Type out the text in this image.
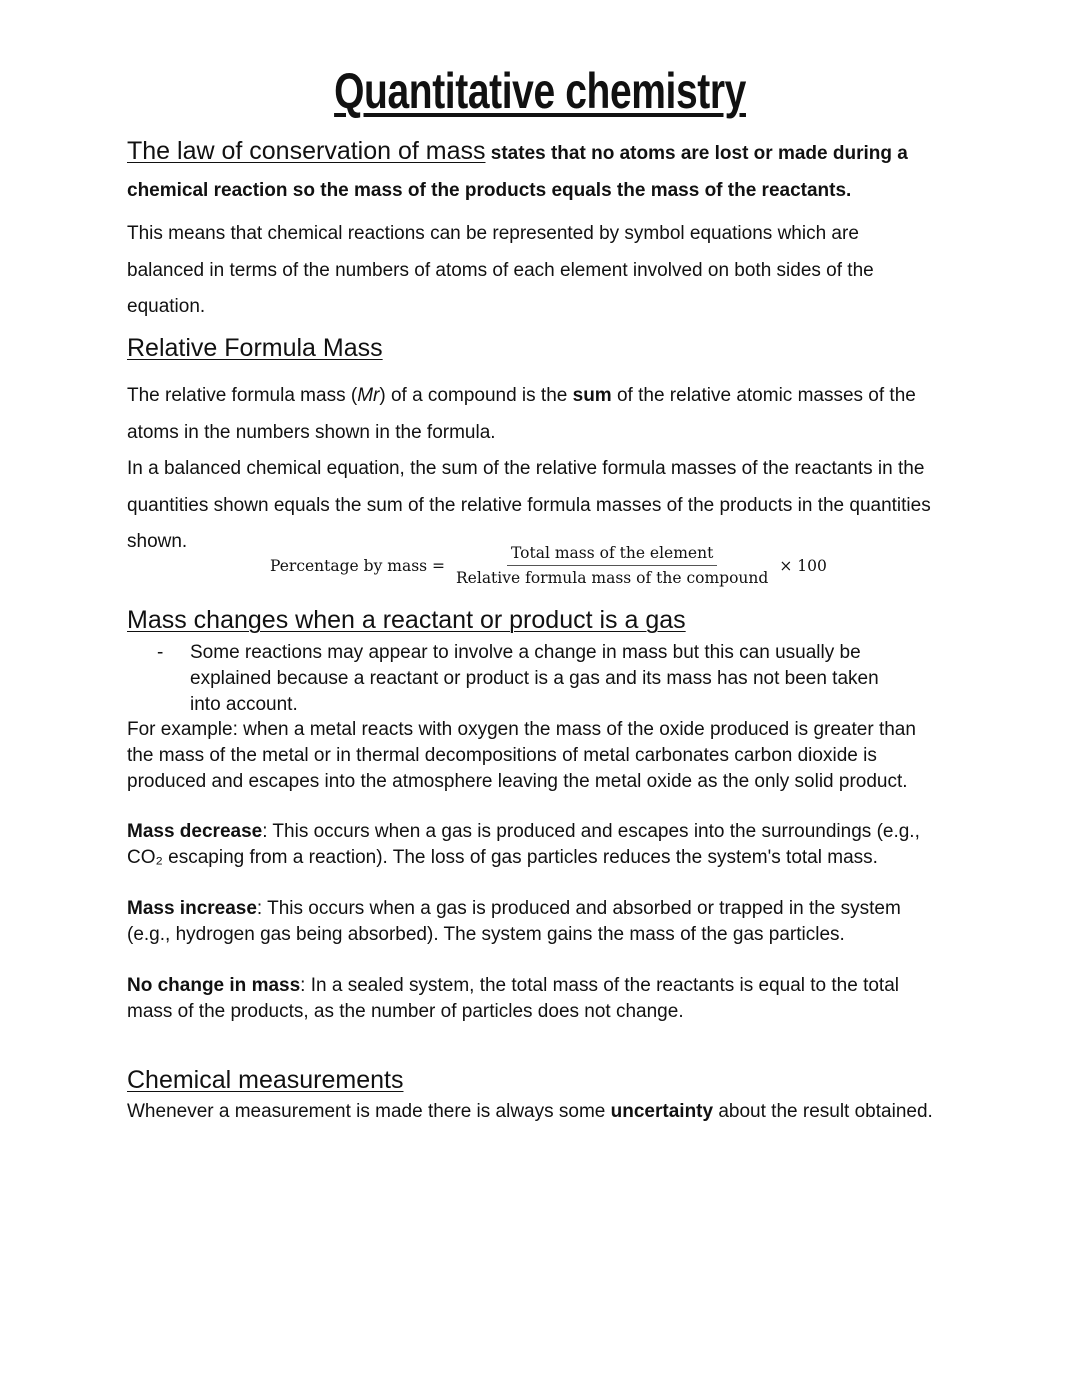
Quantitative chemistry
The law of conservation of mass states that no atoms are lost or made during a
chemical reaction so the mass of the products equals the mass of the reactants.
This means that chemical reactions can be represented by symbol equations which are balanced in terms of the numbers of atoms of each element involved on both sides of the equation.
Relative Formula Mass
The relative formula mass (Mr) of a compound is the sum of the relative atomic masses of the atoms in the numbers shown in the formula.
In a balanced chemical equation, the sum of the relative formula masses of the reactants in the quantities shown equals the sum of the relative formula masses of the products in the quantities shown.
Percentage by mass = $\frac{\text{Total mass of the element}}{\text{Relative formula mass of the compound}} \times 100$
Mass changes when a reactant or product is a gas
- Some reactions may appear to involve a change in mass but this can usually be explained because a reactant or product is a gas and its mass has not been taken into account.
For example: when a metal reacts with oxygen the mass of the oxide produced is greater than the mass of the metal or in thermal decompositions of metal carbonates carbon dioxide is produced and escapes into the atmosphere leaving the metal oxide as the only solid product.
Mass decrease: This occurs when a gas is produced and escapes into the surroundings (e.g., CO₂ escaping from a reaction). The loss of gas particles reduces the system's total mass.
Mass increase: This occurs when a gas is produced and absorbed or trapped in the system (e.g., hydrogen gas being absorbed). The system gains the mass of the gas particles.
No change in mass: In a sealed system, the total mass of the reactants is equal to the total mass of the products, as the number of particles does not change.
Chemical measurements
Whenever a measurement is made there is always some uncertainty about the result obtained.
